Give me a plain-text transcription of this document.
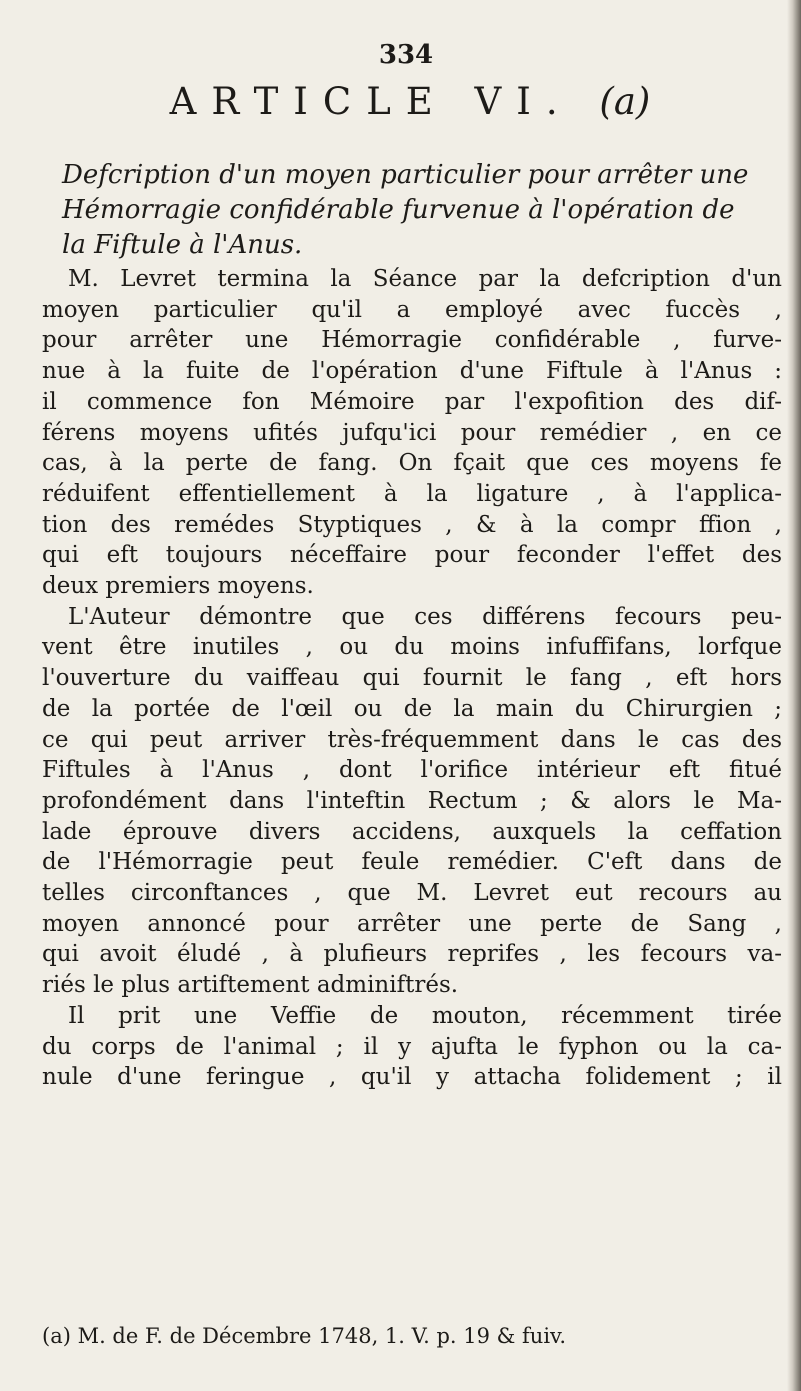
334
ARTICLE VI. (a)

Defcription d'un moyen particulier pour arrêter une
Hémorragie confidérable furvenue à l'opération de
la Fiftule à l'Anus.

M. Levret termina la Séance par la defcription d'un
moyen particulier qu'il a employé avec fuccès ,
pour arrêter une Hémorragie confidérable , furve-
nue à la fuite de l'opération d'une Fiftule à l'Anus :
il commence fon Mémoire par l'expofition des dif-
férens moyens ufités jufqu'ici pour remédier , en ce
cas, à la perte de fang. On fçait que ces moyens fe
réduifent effentiellement à la ligature , à l'applica-
tion des remédes Styptiques , & à la compr ffion ,
qui eft toujours néceffaire pour feconder l'effet des
deux premiers moyens.
L'Auteur démontre que ces différens fecours peu-
vent être inutiles , ou du moins infuffifans, lorfque
l'ouverture du vaiffeau qui fournit le fang , eft hors
de la portée de l'œil ou de la main du Chirurgien ;
ce qui peut arriver très-fréquemment dans le cas des
Fiftules à l'Anus , dont l'orifice intérieur eft fitué
profondément dans l'inteftin Rectum ; & alors le Ma-
lade éprouve divers accidens, auxquels la ceffation
de l'Hémorragie peut feule remédier. C'eft dans de
telles circonftances , que M. Levret eut recours au
moyen annoncé pour arrêter une perte de Sang ,
qui avoit éludé , à plufieurs reprifes , les fecours va-
riés le plus artiftement adminiftrés.
Il prit une Veffie de mouton, récemment tirée
du corps de l'animal ; il y ajufta le fyphon ou la ca-
nule d'une feringue , qu'il y attacha folidement ; il
(a) M. de F. de Décembre 1748, 1. V. p. 19 & fuiv.
